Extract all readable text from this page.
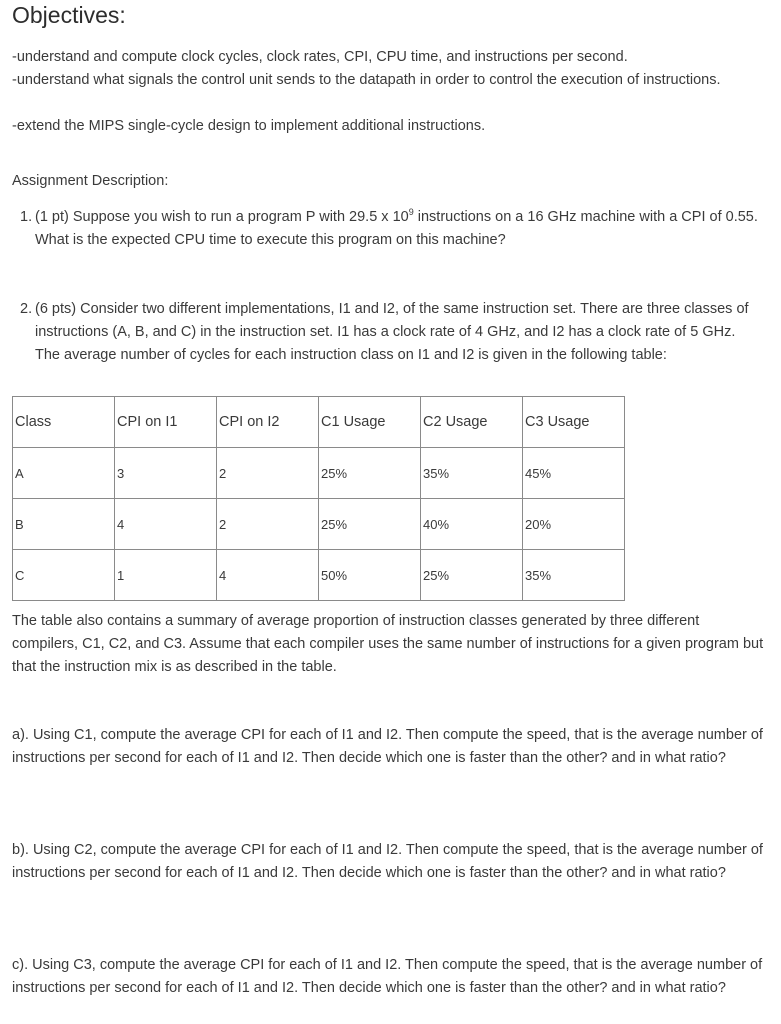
Objectives:
-understand and compute clock cycles, clock rates, CPI, CPU time, and instructions per second.
-understand what signals the control unit sends to the datapath in order to control the execution of instructions.
-extend the MIPS single-cycle design to implement additional instructions.
Assignment Description:
1. (1 pt) Suppose you wish to run a program P with 29.5 x $10^9$ instructions on a 16 GHz machine with a CPI of 0.55. What is the expected CPU time to execute this program on this machine?
2. (6 pts) Consider two different implementations, I1 and I2, of the same instruction set. There are three classes of instructions (A, B, and C) in the instruction set. I1 has a clock rate of 4 GHz, and I2 has a clock rate of 5 GHz. The average number of cycles for each instruction class on I1 and I2 is given in the following table:
Class	CPI on I1	CPI on I2	C1 Usage	C2 Usage	C3 Usage
A	3	2	25%	35%	45%
B	4	2	25%	40%	20%
C	1	4	50%	25%	35%
The table also contains a summary of average proportion of instruction classes generated by three different compilers, C1, C2, and C3. Assume that each compiler uses the same number of instructions for a given program but that the instruction mix is as described in the table.
a). Using C1, compute the average CPI for each of I1 and I2. Then compute the speed, that is the average number of instructions per second for each of I1 and I2. Then decide which one is faster than the other? and in what ratio?
b). Using C2, compute the average CPI for each of I1 and I2. Then compute the speed, that is the average number of instructions per second for each of I1 and I2. Then decide which one is faster than the other? and in what ratio?
c). Using C3, compute the average CPI for each of I1 and I2. Then compute the speed, that is the average number of instructions per second for each of I1 and I2. Then decide which one is faster than the other? and in what ratio?
